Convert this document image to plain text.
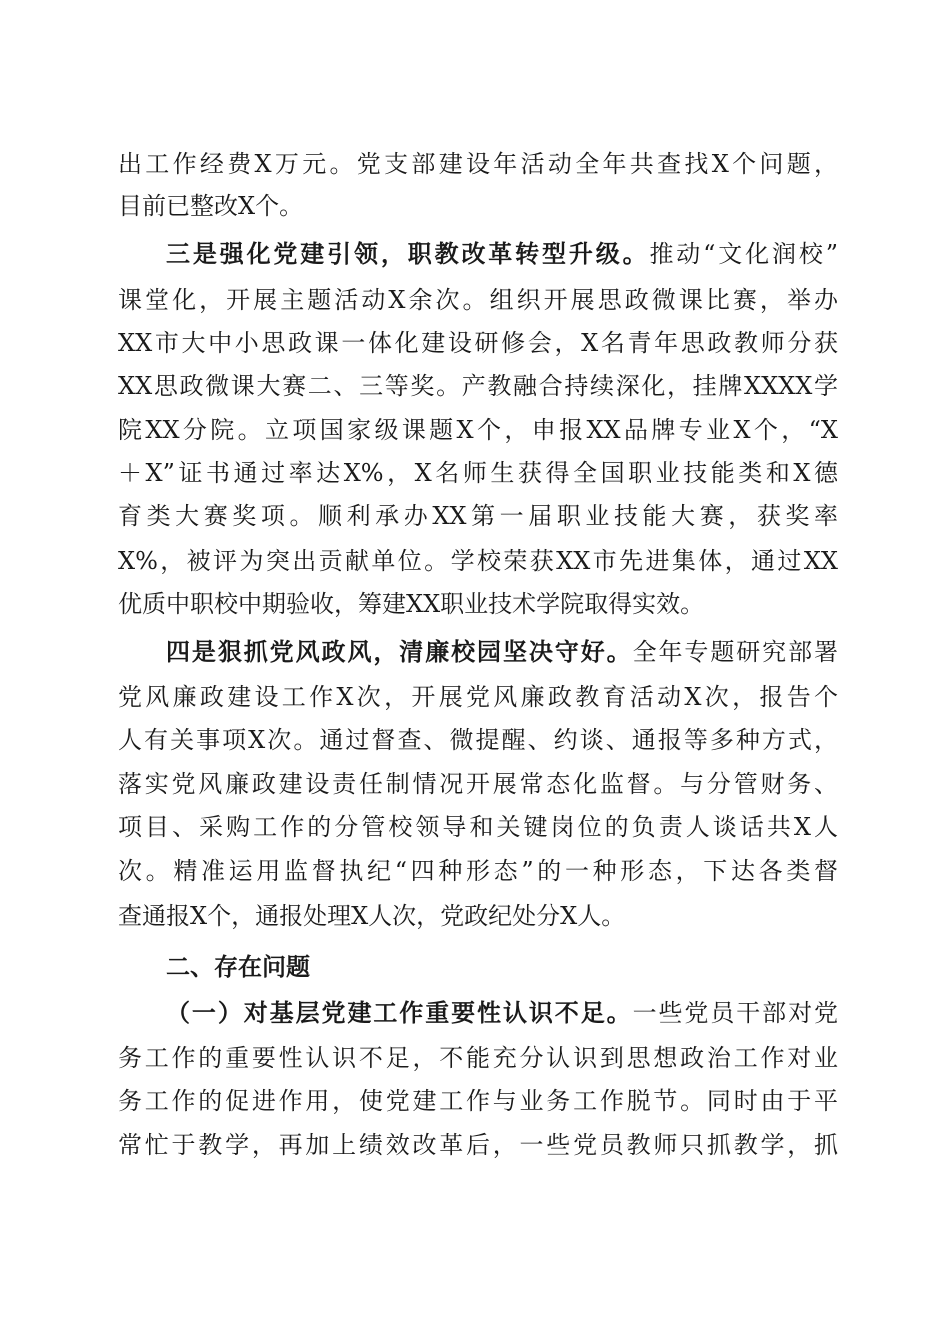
出工作经费X万元。党支部建设年活动全年共查找X个问题，
目前已整改X个。
三是强化党建引领，职教改革转型升级。推动“文化润校”
课堂化，开展主题活动X余次。组织开展思政微课比赛，举办
XX市大中小思政课一体化建设研修会，X名青年思政教师分获
XX思政微课大赛二、三等奖。产教融合持续深化，挂牌XXXX学
院XX分院。立项国家级课题X个，申报XX品牌专业X个，“X
＋X”证书通过率达X%，X名师生获得全国职业技能类和X德
育类大赛奖项。顺利承办XX第一届职业技能大赛，获奖率
X%，被评为突出贡献单位。学校荣获XX市先进集体，通过XX
优质中职校中期验收，筹建XX职业技术学院取得实效。
四是狠抓党风政风，清廉校园坚决守好。全年专题研究部署
党风廉政建设工作X次，开展党风廉政教育活动X次，报告个
人有关事项X次。通过督查、微提醒、约谈、通报等多种方式，
落实党风廉政建设责任制情况开展常态化监督。与分管财务、
项目、采购工作的分管校领导和关键岗位的负责人谈话共X人
次。精准运用监督执纪“四种形态”的一种形态，下达各类督
查通报X个，通报处理X人次，党政纪处分X人。
二、存在问题
（一）对基层党建工作重要性认识不足。一些党员干部对党
务工作的重要性认识不足，不能充分认识到思想政治工作对业
务工作的促进作用，使党建工作与业务工作脱节。同时由于平
常忙于教学，再加上绩效改革后，一些党员教师只抓教学，抓
